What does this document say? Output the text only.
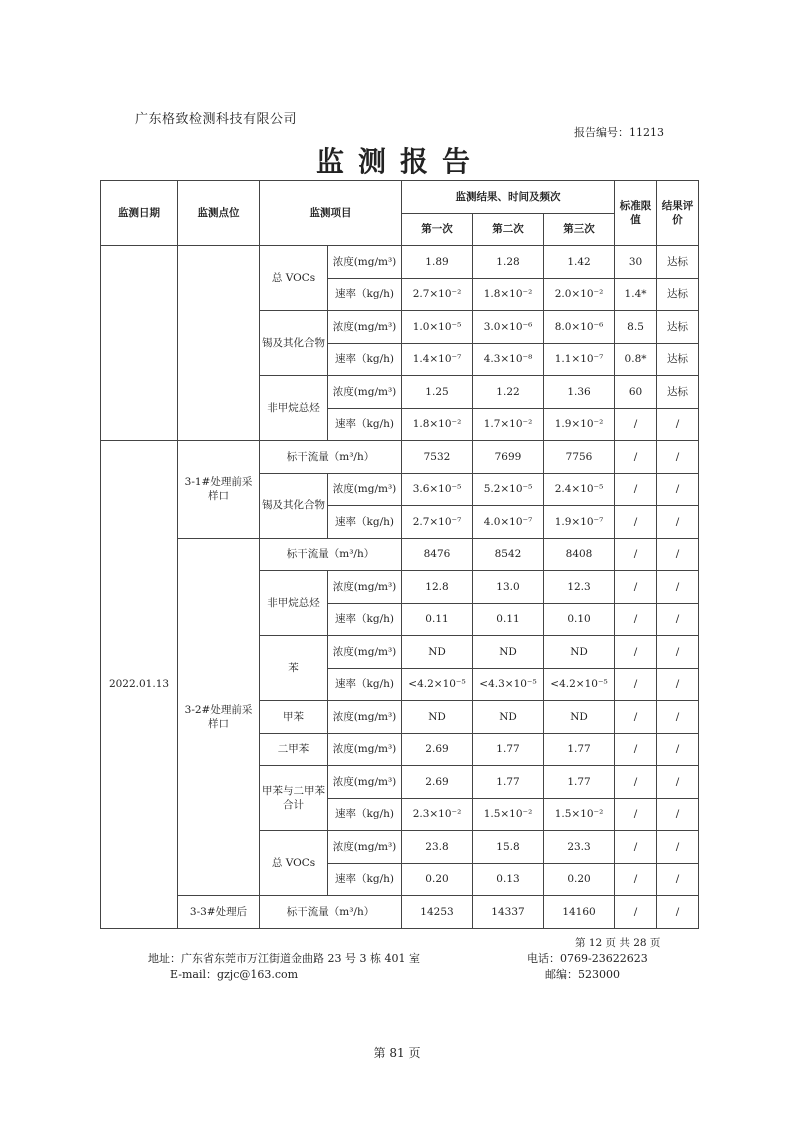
广东格致检测科技有限公司
报告编号：11213
监测报告
监测日期	监测点位	监测项目		监测结果、时间及频次			标准限值	结果评价
				第一次	第二次	第三次		
		总 VOCs	浓度(mg/m³)	1.89	1.28	1.42	30	达标
			速率（kg/h)	2.7×10⁻²	1.8×10⁻²	2.0×10⁻²	1.4*	达标
		锡及其化合物	浓度(mg/m³)	1.0×10⁻⁵	3.0×10⁻⁶	8.0×10⁻⁶	8.5	达标
			速率（kg/h)	1.4×10⁻⁷	4.3×10⁻⁸	1.1×10⁻⁷	0.8*	达标
		非甲烷总烃	浓度(mg/m³)	1.25	1.22	1.36	60	达标
			速率（kg/h)	1.8×10⁻²	1.7×10⁻²	1.9×10⁻²	/	/
2022.01.13	3-1#处理前采样口	标干流量（m³/h）		7532	7699	7756	/	/
		锡及其化合物	浓度(mg/m³)	3.6×10⁻⁵	5.2×10⁻⁵	2.4×10⁻⁵	/	/
			速率（kg/h)	2.7×10⁻⁷	4.0×10⁻⁷	1.9×10⁻⁷	/	/
	3-2#处理前采样口	标干流量（m³/h）		8476	8542	8408	/	/
		非甲烷总烃	浓度(mg/m³)	12.8	13.0	12.3	/	/
			速率（kg/h)	0.11	0.11	0.10	/	/
		苯	浓度(mg/m³)	ND	ND	ND	/	/
			速率（kg/h)	<4.2×10⁻⁵	<4.3×10⁻⁵	<4.2×10⁻⁵	/	/
		甲苯	浓度(mg/m³)	ND	ND	ND	/	/
		二甲苯	浓度(mg/m³)	2.69	1.77	1.77	/	/
		甲苯与二甲苯合计	浓度(mg/m³)	2.69	1.77	1.77	/	/
			速率（kg/h)	2.3×10⁻²	1.5×10⁻²	1.5×10⁻²	/	/
		总 VOCs	浓度(mg/m³)	23.8	15.8	23.3	/	/
			速率（kg/h)	0.20	0.13	0.20	/	/
	3-3#处理后	标干流量（m³/h）		14253	14337	14160	/	/
第 12 页 共 28 页
地址：广东省东莞市万江街道金曲路 23 号 3 栋 401 室
E-mail：gzjc@163.com
电话：0769-23622623
邮编：523000
第 81 页
